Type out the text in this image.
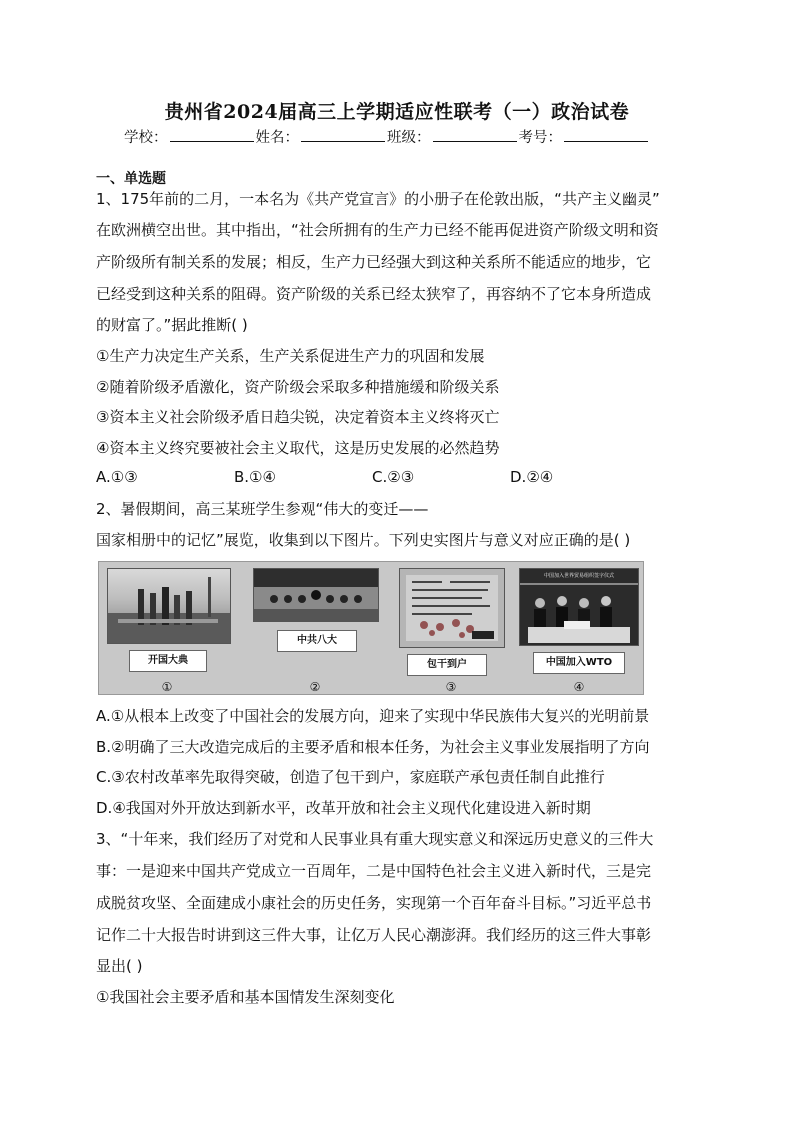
贵州省2024届高三上学期适应性联考（一）政治试卷
学校：	姓名：	班级：	考号：
一、单选题
1、175年前的二月，一本名为《共产党宣言》的小册子在伦敦出版，“共产主义幽灵”
在欧洲横空出世。其中指出，“社会所拥有的生产力已经不能再促进资产阶级文明和资
产阶级所有制关系的发展；相反，生产力已经强大到这种关系所不能适应的地步，它
已经受到这种关系的阻碍。资产阶级的关系已经太狭窄了，再容纳不了它本身所造成
的财富了。”据此推断( )
①生产力决定生产关系，生产关系促进生产力的巩固和发展
②随着阶级矛盾激化，资产阶级会采取多种措施缓和阶级关系
③资本主义社会阶级矛盾日趋尖锐，决定着资本主义终将灭亡
④资本主义终究要被社会主义取代，这是历史发展的必然趋势
A.①③	B.①④	C.②③	D.②④
2、暑假期间，高三某班学生参观“伟大的变迁——
国家相册中的记忆”展览，收集到以下图片。下列史实图片与意义对应正确的是( )
开国大典
①
中共八大
②
包干到户
③
中国加入世界贸易组织签字仪式
中国加入WTO
④
A.①从根本上改变了中国社会的发展方向，迎来了实现中华民族伟大复兴的光明前景
B.②明确了三大改造完成后的主要矛盾和根本任务，为社会主义事业发展指明了方向
C.③农村改革率先取得突破，创造了包干到户，家庭联产承包责任制自此推行
D.④我国对外开放达到新水平，改革开放和社会主义现代化建设进入新时期
3、“十年来，我们经历了对党和人民事业具有重大现实意义和深远历史意义的三件大
事：一是迎来中国共产党成立一百周年，二是中国特色社会主义进入新时代，三是完
成脱贫攻坚、全面建成小康社会的历史任务，实现第一个百年奋斗目标。”习近平总书
记作二十大报告时讲到这三件大事，让亿万人民心潮澎湃。我们经历的这三件大事彰
显出( )
①我国社会主要矛盾和基本国情发生深刻变化
